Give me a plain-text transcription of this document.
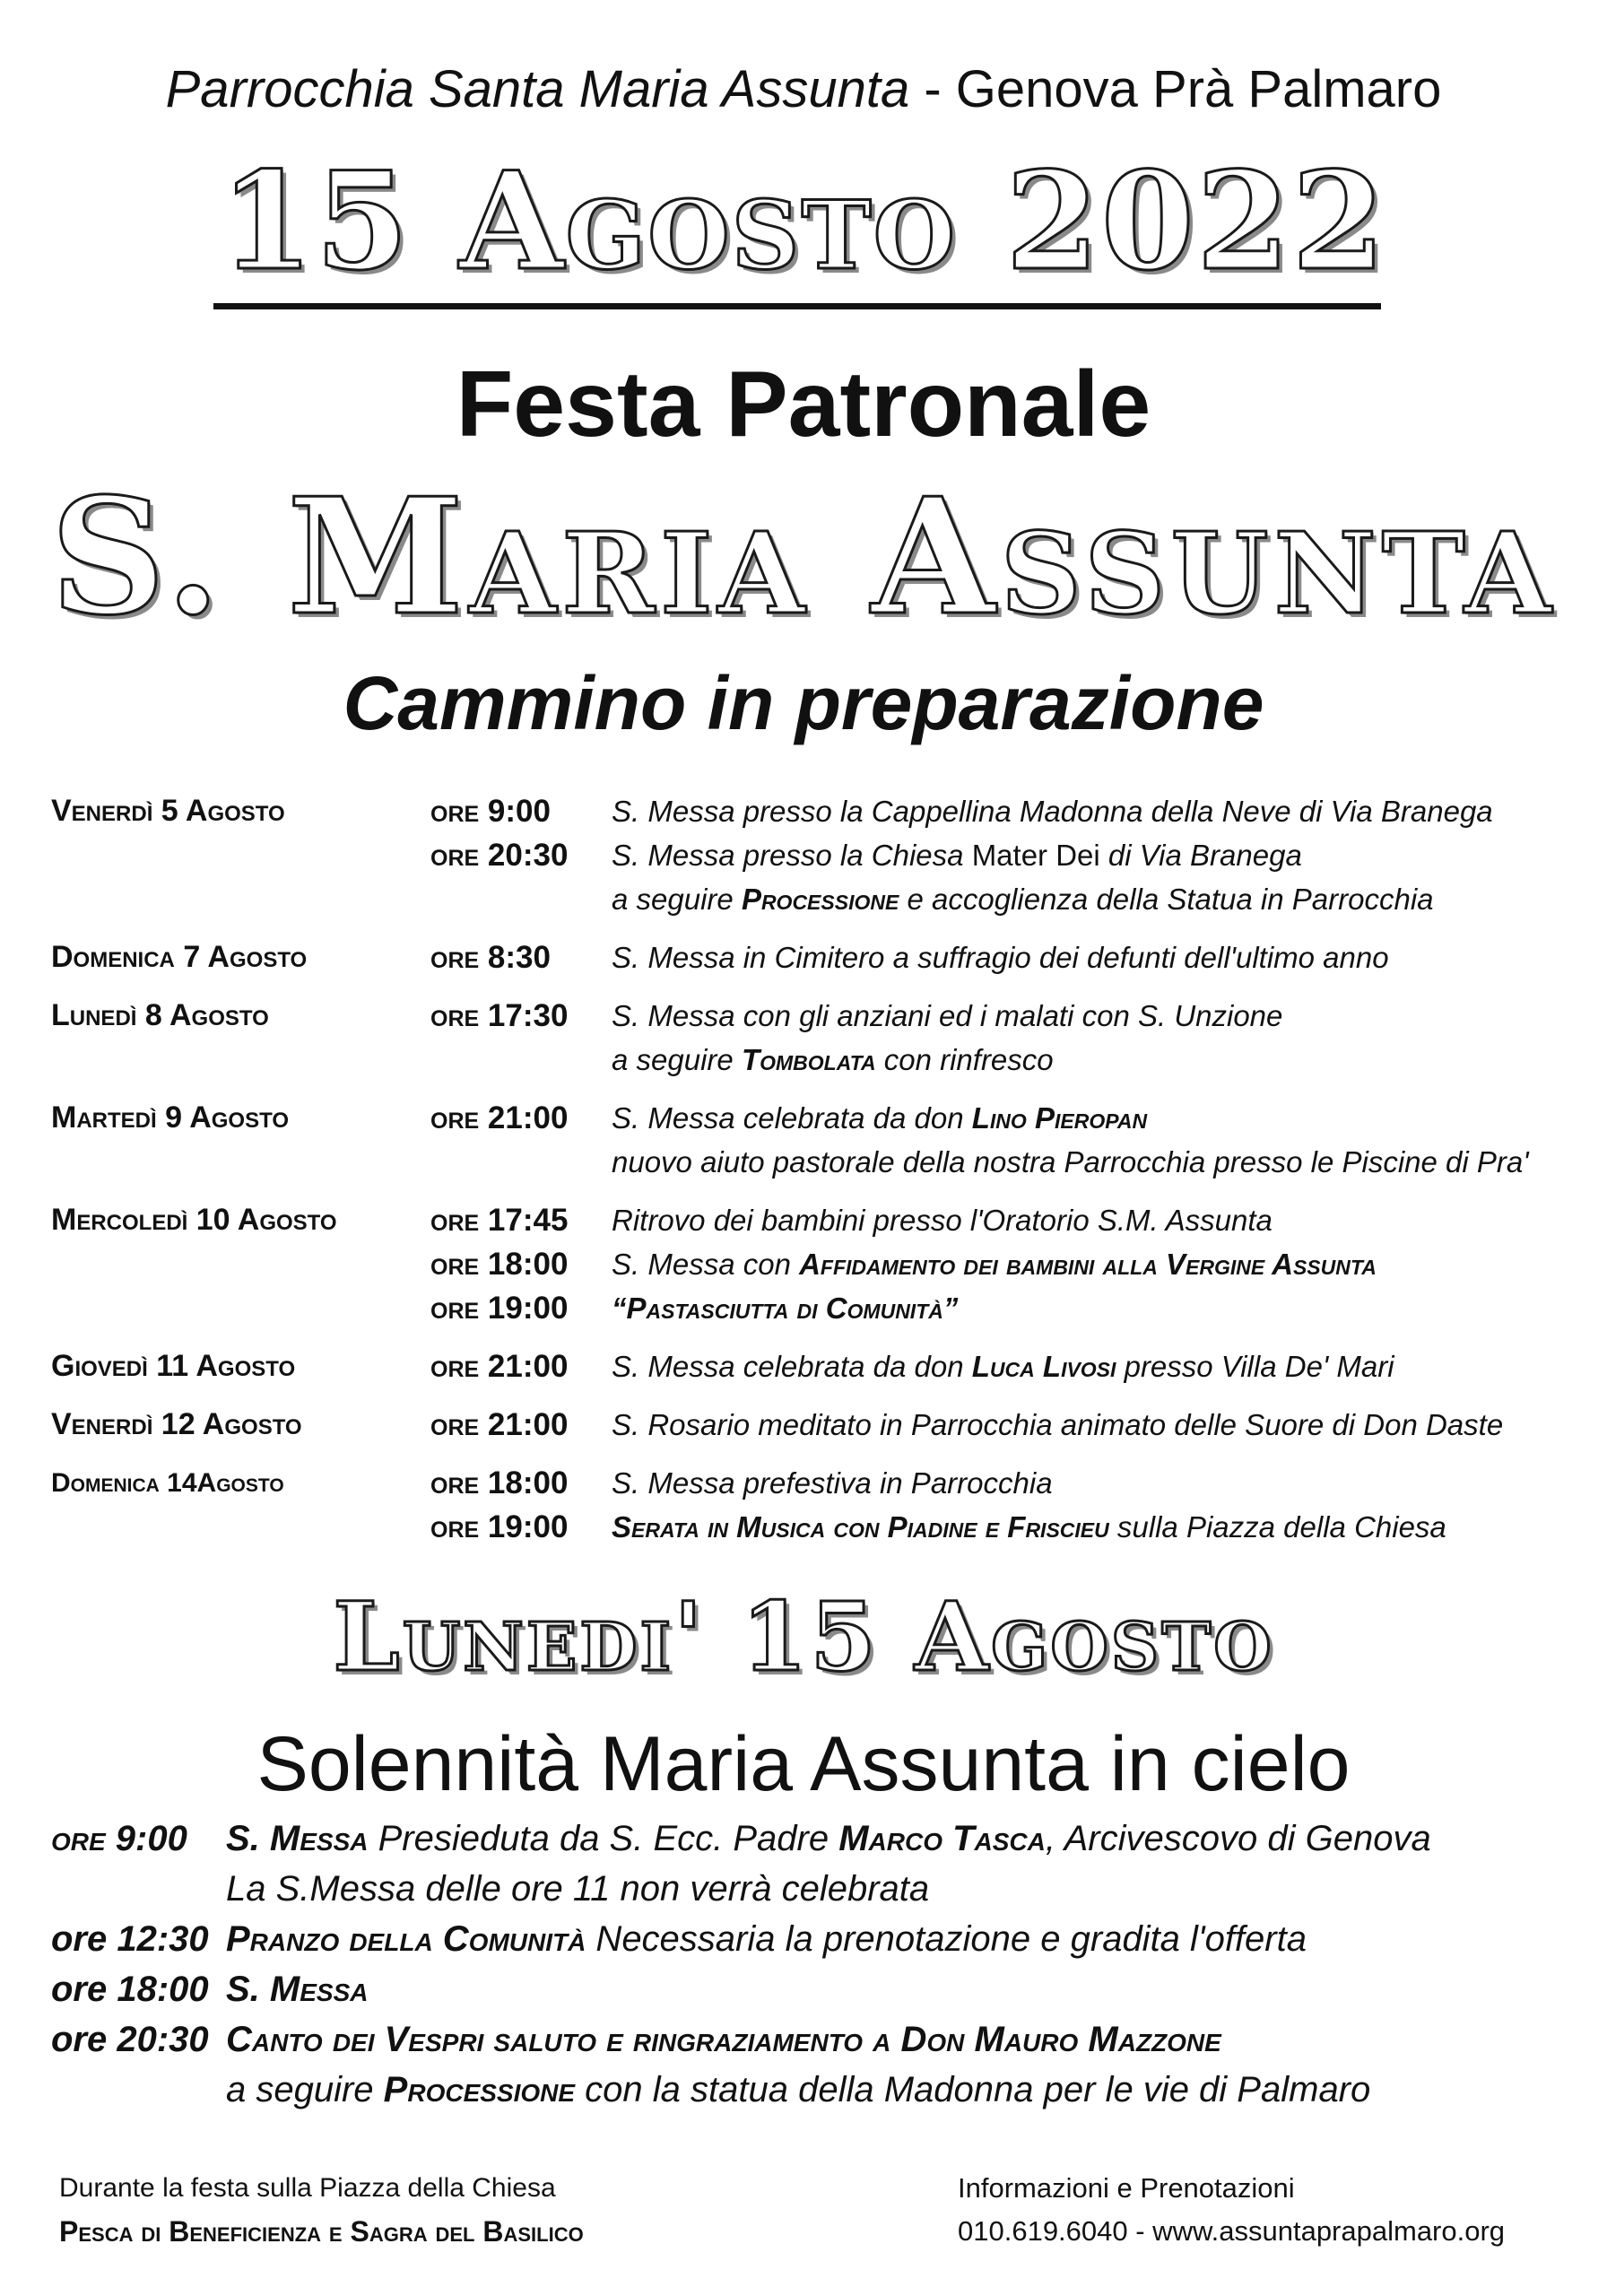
Parrocchia Santa Maria Assunta - Genova Prà Palmaro
15 Agosto 2022
Festa Patronale
S. Maria Assunta
Cammino in preparazione
Venerdì 5 Agosto	ore 9:00	S. Messa presso la Cappellina Madonna della Neve di Via Branega
ore 20:30	S. Messa presso la Chiesa Mater Dei di Via Branega
a seguire Processione e accoglienza della Statua in Parrocchia
Domenica 7 Agosto	ore 8:30	S. Messa in Cimitero a suffragio dei defunti dell'ultimo anno
Lunedì 8 Agosto	ore 17:30	S. Messa con gli anziani ed i malati con S. Unzione
a seguire Tombolata con rinfresco
Martedì 9 Agosto	ore 21:00	S. Messa celebrata da don Lino Pieropan
nuovo aiuto pastorale della nostra Parrocchia presso le Piscine di Pra'
Mercoledì 10 Agosto	ore 17:45	Ritrovo dei bambini presso l'Oratorio S.M. Assunta
ore 18:00	S. Messa con Affidamento dei bambini alla Vergine Assunta
ore 19:00	“Pastasciutta di Comunità”
Giovedì 11 Agosto	ore 21:00	S. Messa celebrata da don Luca Livosi presso Villa De' Mari
Venerdì 12 Agosto	ore 21:00	S. Rosario meditato in Parrocchia animato delle Suore di Don Daste
Domenica 14Agosto	ore 18:00	S. Messa prefestiva in Parrocchia
ore 19:00	Serata in Musica con Piadine e Friscieu sulla Piazza della Chiesa
Lunedi' 15 Agosto
Solennità Maria Assunta in cielo
ore 9:00	S. Messa Presieduta da S. Ecc. Padre Marco Tasca, Arcivescovo di Genova
La S.Messa delle ore 11 non verrà celebrata
ore 12:30 Pranzo della Comunità Necessaria la prenotazione e gradita l'offerta
ore 18:00 S. Messa
ore 20:30 Canto dei Vespri saluto e ringraziamento a Don Mauro Mazzone
a seguire Processione con la statua della Madonna per le vie di Palmaro
Durante la festa sulla Piazza della Chiesa
Pesca di Beneficienza e Sagra del Basilico
Informazioni e Prenotazioni
010.619.6040 - www.assuntaprapalmaro.org
